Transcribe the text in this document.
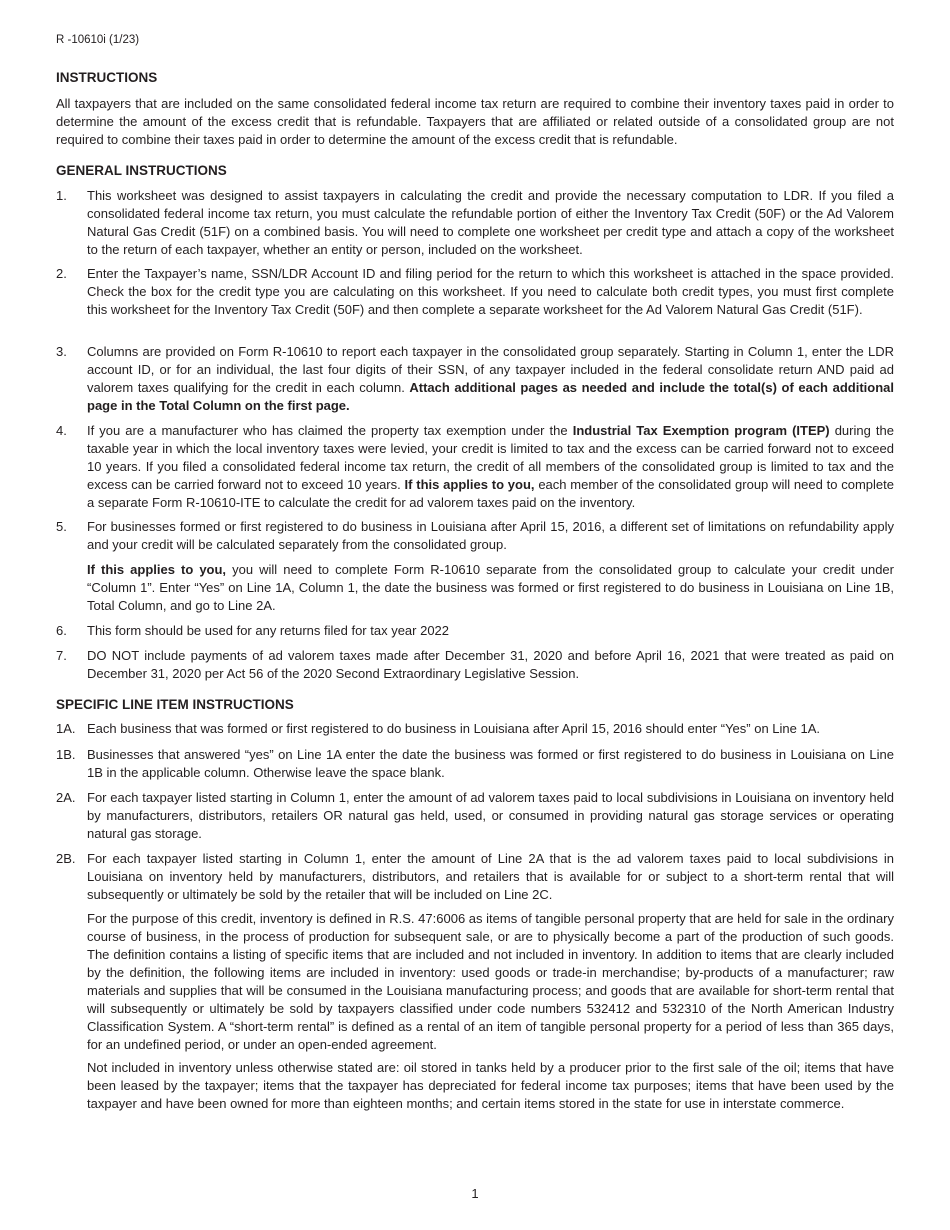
R -10610i (1/23)
INSTRUCTIONS

All taxpayers that are included on the same consolidated federal income tax return are required to combine their inventory taxes paid in order to determine the amount of the excess credit that is refundable. Taxpayers that are affiliated or related outside of a consolidated group are not required to combine their taxes paid in order to determine the amount of the excess credit that is refundable.

GENERAL INSTRUCTIONS
1. This worksheet was designed to assist taxpayers in calculating the credit and provide the necessary computation to LDR. If you filed a consolidated federal income tax return, you must calculate the refundable portion of either the Inventory Tax Credit (50F) or the Ad Valorem Natural Gas Credit (51F) on a combined basis. You will need to complete one worksheet per credit type and attach a copy of the worksheet to the return of each taxpayer, whether an entity or person, included on the worksheet.
2. Enter the Taxpayer’s name, SSN/LDR Account ID and filing period for the return to which this worksheet is attached in the space provided. Check the box for the credit type you are calculating on this worksheet. If you need to calculate both credit types, you must first complete this worksheet for the Inventory Tax Credit (50F) and then complete a separate worksheet for the Ad Valorem Natural Gas Credit (51F).
3. Columns are provided on Form R-10610 to report each taxpayer in the consolidated group separately. Starting in Column 1, enter the LDR account ID, or for an individual, the last four digits of their SSN, of any taxpayer included in the federal consolidate return AND paid ad valorem taxes qualifying for the credit in each column. Attach additional pages as needed and include the total(s) of each additional page in the Total Column on the first page.
4. If you are a manufacturer who has claimed the property tax exemption under the Industrial Tax Exemption program (ITEP) during the taxable year in which the local inventory taxes were levied, your credit is limited to tax and the excess can be carried forward not to exceed 10 years. If you filed a consolidated federal income tax return, the credit of all members of the consolidated group is limited to tax and the excess can be carried forward not to exceed 10 years. If this applies to you, each member of the consolidated group will need to complete a separate Form R-10610-ITE to calculate the credit for ad valorem taxes paid on the inventory.
5. For businesses formed or first registered to do business in Louisiana after April 15, 2016, a different set of limitations on refundability apply and your credit will be calculated separately from the consolidated group.

If this applies to you, you will need to complete Form R-10610 separate from the consolidated group to calculate your credit under “Column 1”. Enter “Yes” on Line 1A, Column 1, the date the business was formed or first registered to do business in Louisiana on Line 1B, Total Column, and go to Line 2A.

6. This form should be used for any returns filed for tax year 2022
7. DO NOT include payments of ad valorem taxes made after December 31, 2020 and before April 16, 2021 that were treated as paid on December 31, 2020 per Act 56 of the 2020 Second Extraordinary Legislative Session.
SPECIFIC LINE ITEM INSTRUCTIONS
1A. Each business that was formed or first registered to do business in Louisiana after April 15, 2016 should enter “Yes” on Line 1A.
1B. Businesses that answered “yes” on Line 1A enter the date the business was formed or first registered to do business in Louisiana on Line 1B in the applicable column. Otherwise leave the space blank.
2A. For each taxpayer listed starting in Column 1, enter the amount of ad valorem taxes paid to local subdivisions in Louisiana on inventory held by manufacturers, distributors, retailers OR natural gas held, used, or consumed in providing natural gas storage services or operating natural gas storage.
2B. For each taxpayer listed starting in Column 1, enter the amount of Line 2A that is the ad valorem taxes paid to local subdivisions in Louisiana on inventory held by manufacturers, distributors, and retailers that is available for or subject to a short-term rental that will subsequently or ultimately be sold by the retailer that will be included on Line 2C.

For the purpose of this credit, inventory is defined in R.S. 47:6006 as items of tangible personal property that are held for sale in the ordinary course of business, in the process of production for subsequent sale, or are to physically become a part of the production of such goods. The definition contains a listing of specific items that are included and not included in inventory. In addition to items that are clearly included by the definition, the following items are included in inventory: used goods or trade-in merchandise; by-products of a manufacturer; raw materials and supplies that will be consumed in the Louisiana manufacturing process; and goods that are available for short-term rental that will subsequently or ultimately be sold by taxpayers classified under code numbers 532412 and 532310 of the North American Industry Classification System. A “short-term rental” is defined as a rental of an item of tangible personal property for a period of less than 365 days, for an undefined period, or under an open-ended agreement.

Not included in inventory unless otherwise stated are: oil stored in tanks held by a producer prior to the first sale of the oil; items that have been leased by the taxpayer; items that the taxpayer has depreciated for federal income tax purposes; items that have been used by the taxpayer and have been owned for more than eighteen months; and certain items stored in the state for use in interstate commerce.

1
